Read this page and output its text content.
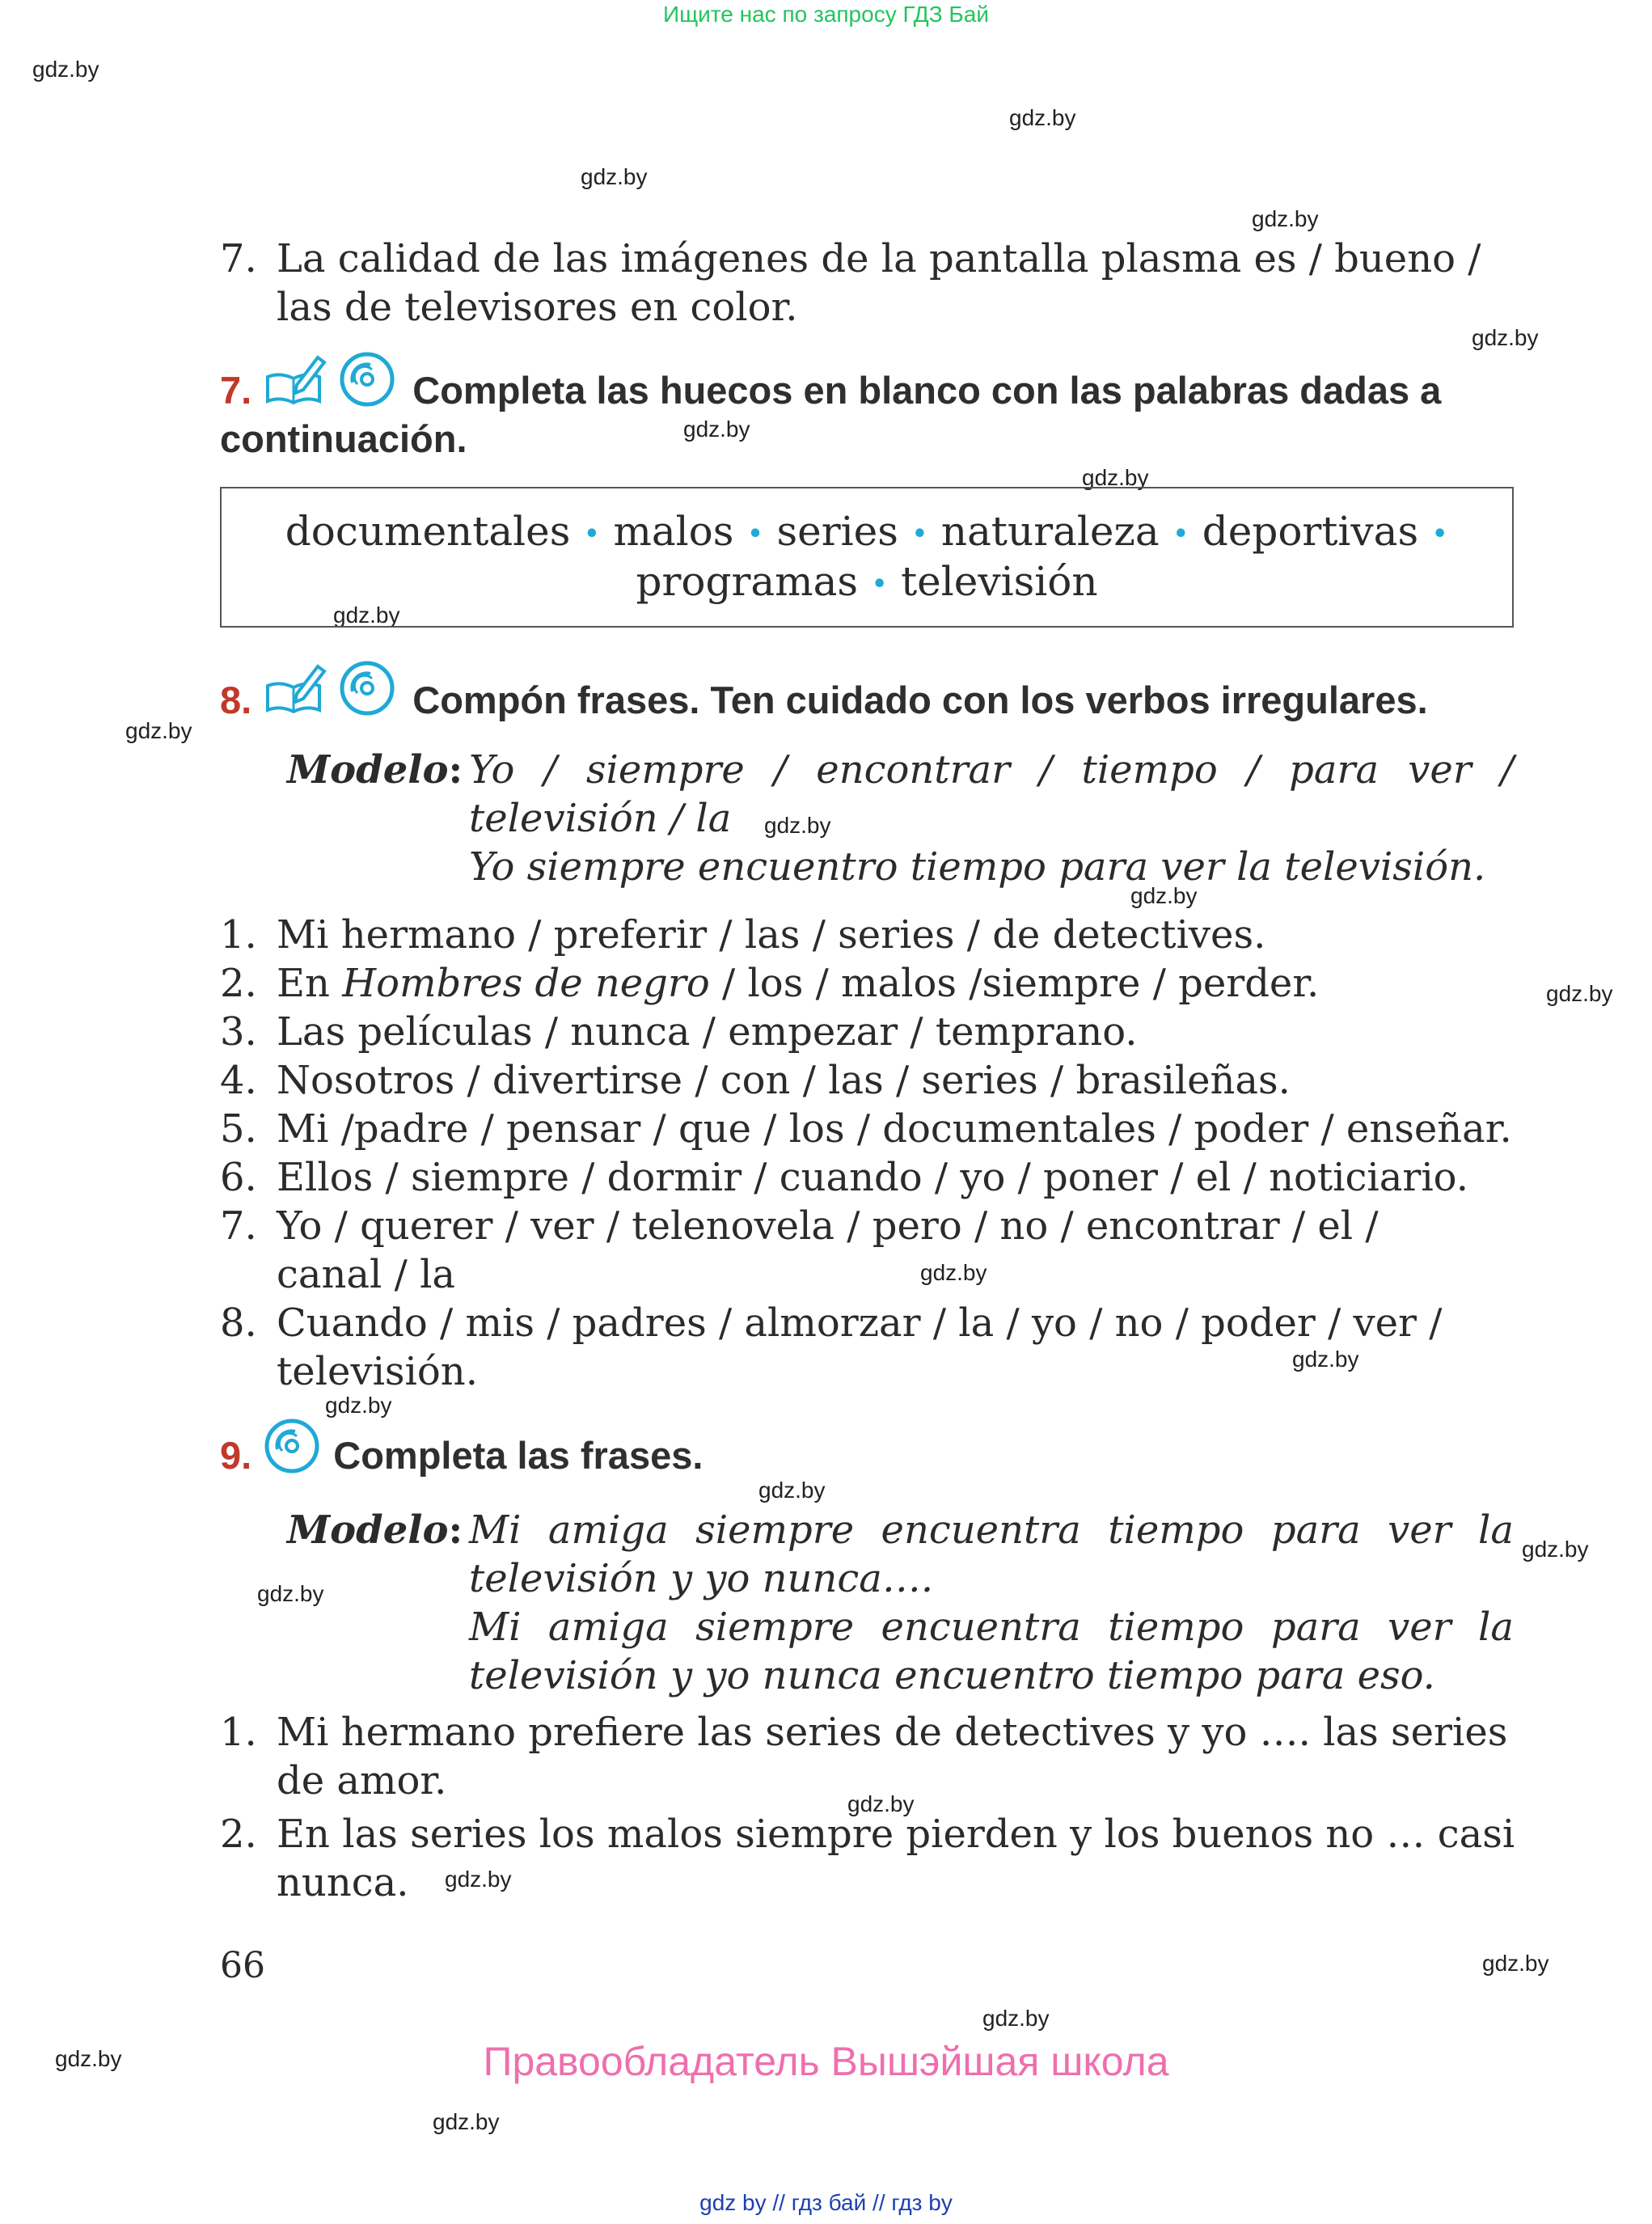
Ищите нас по запросу ГДЗ Бай
gdz.by
gdz.by
gdz.by
gdz.by
gdz.by
gdz.by
gdz.by
gdz.by
gdz.by
gdz.by
gdz.by
gdz.by
gdz.by
gdz.by
gdz.by
gdz.by
gdz.by
gdz.by
gdz.by
gdz.by
gdz.by
gdz.by
gdz.by
gdz.by
7. La calidad de las imágenes de la pantalla plasma es / bueno /
las de televisores en color.
7.	Completa las huecos en blanco con las palabras dadas a
continuación.
documentales • malos • series • naturaleza • deportivas •
programas • televisión
8.	Compón frases. Ten cuidado con los verbos irregulares.
Modelo: Yo / siempre / encontrar / tiempo / para ver /
televisión / la
Yo siempre encuentro tiempo para ver la televisión.
1. Mi hermano / preferir / las / series / de detectives.
2. En Hombres de negro / los / malos /siempre / perder.
3. Las películas / nunca / empezar / temprano.
4. Nosotros / divertirse / con / las / series / brasileñas.
5. Mi /padre / pensar / que / los / documentales / poder / enseñar.
6. Ellos / siempre / dormir / cuando / yo / poner / el / noticiario.
7. Yo / querer / ver / telenovela / pero / no / encontrar / el /
canal / la
8. Cuando / mis / padres / almorzar / la / yo / no / poder / ver /
televisión.
9. Completa las frases.
Modelo: Mi amiga siempre encuentra tiempo para ver la
televisión y yo nunca….
Mi amiga siempre encuentra tiempo para ver la
televisión y yo nunca encuentro tiempo para eso.
1. Mi hermano prefiere las series de detectives y yo …. las series
de amor.
2. En las series los malos siempre pierden y los buenos no … casi
nunca.
66
Правообладатель Вышэйшая школа
gdz by // гдз бай // гдз by
